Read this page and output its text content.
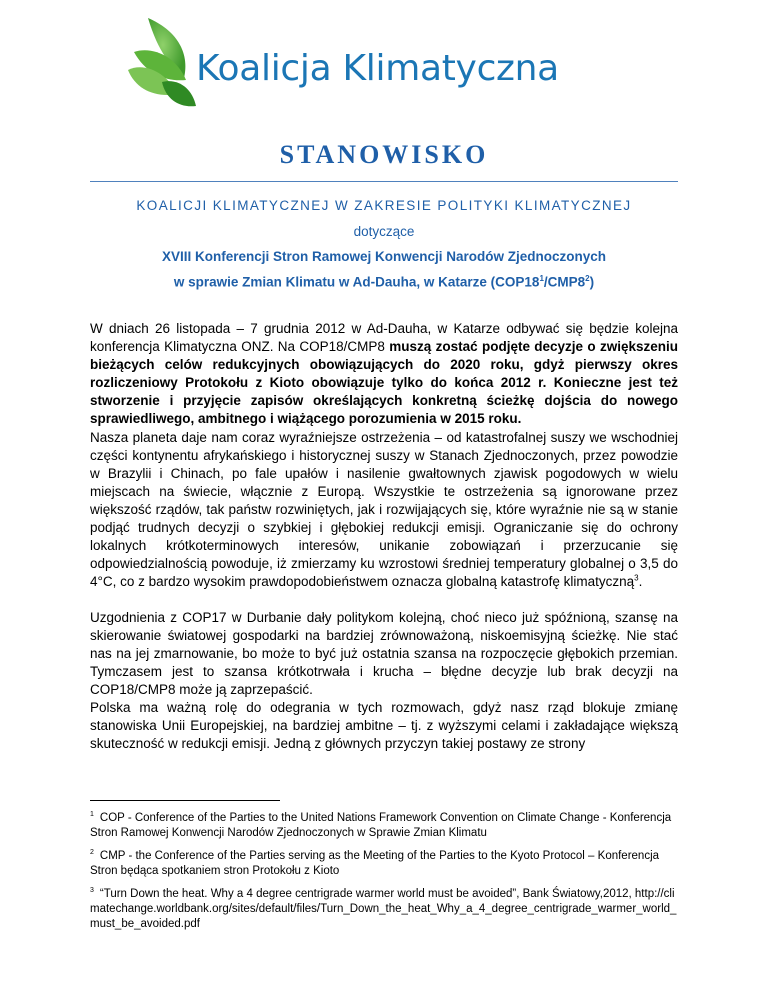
Koalicja Klimatyczna
STANOWISKO
KOALICJI KLIMATYCZNEJ W ZAKRESIE POLITYKI KLIMATYCZNEJ
dotyczące
XVIII Konferencji Stron Ramowej Konwencji Narodów Zjednoczonych
w sprawie Zmian Klimatu w Ad-Dauha, w Katarze $(COP18^1/CMP8^2)$

W dniach 26 listopada – 7 grudnia 2012 w Ad-Dauha, w Katarze odbywać się będzie kolejna konferencja Klimatyczna ONZ. Na COP18/CMP8 muszą zostać podjęte decyzje o zwiększeniu bieżących celów redukcyjnych obowiązujących do 2020 roku, gdyż pierwszy okres rozliczeniowy Protokołu z Kioto obowiązuje tylko do końca 2012 r. Konieczne jest też stworzenie i przyjęcie zapisów określających konkretną ścieżkę dojścia do nowego sprawiedliwego, ambitnego i wiążącego porozumienia w 2015 roku.

Nasza planeta daje nam coraz wyraźniejsze ostrzeżenia – od katastrofalnej suszy we wschodniej części kontynentu afrykańskiego i historycznej suszy w Stanach Zjednoczonych, przez powodzie w Brazylii i Chinach, po fale upałów i nasilenie gwałtownych zjawisk pogodowych w wielu miejscach na świecie, włącznie z Europą. Wszystkie te ostrzeżenia są ignorowane przez większość rządów, tak państw rozwiniętych, jak i rozwijających się, które wyraźnie nie są w stanie podjąć trudnych decyzji o szybkiej i głębokiej redukcji emisji. Ograniczanie się do ochrony lokalnych krótkoterminowych interesów, unikanie zobowiązań i przerzucanie się odpowiedzialnością powoduje, iż zmierzamy ku wzrostowi średniej temperatury globalnej o 3,5 do 4°C, co z bardzo wysokim prawdopodobieństwem oznacza globalną katastrofę klimatyczną$^3$.

Uzgodnienia z COP17 w Durbanie dały politykom kolejną, choć nieco już spóźnioną, szansę na skierowanie światowej gospodarki na bardziej zrównoważoną, niskoemisyjną ścieżkę. Nie stać nas na jej zmarnowanie, bo może to być już ostatnia szansa na rozpoczęcie głębokich przemian. Tymczasem jest to szansa krótkotrwała i krucha – błędne decyzje lub brak decyzji na COP18/CMP8 może ją zaprzepaścić.

Polska ma ważną rolę do odegrania w tych rozmowach, gdyż nasz rząd blokuje zmianę stanowiska Unii Europejskiej, na bardziej ambitne – tj. z wyższymi celami i zakładające większą skuteczność w redukcji emisji. Jedną z głównych przyczyn takiej postawy ze strony

$^1$ COP - Conference of the Parties to the United Nations Framework Convention on Climate Change - Konferencja Stron Ramowej Konwencji Narodów Zjednoczonych w Sprawie Zmian Klimatu

$^2$ CMP - the Conference of the Parties serving as the Meeting of the Parties to the Kyoto Protocol – Konferencja Stron będąca spotkaniem stron Protokołu z Kioto

$^3$ “Turn Down the heat. Why a 4 degree centrigrade warmer world must be avoided”, Bank Światowy,2012, http://climatechange.worldbank.org/sites/default/files/Turn_Down_the_heat_Why_a_4_degree_centrigrade_warmer_world_must_be_avoided.pdf
